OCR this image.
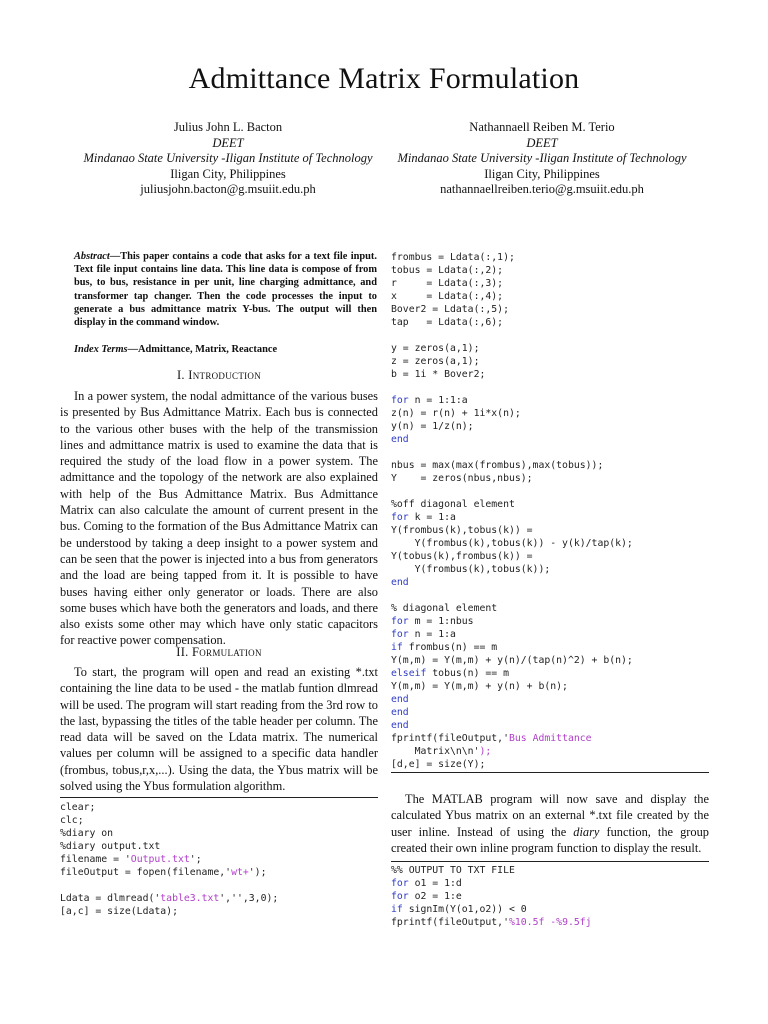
Admittance Matrix Formulation
Julius John L. Bacton
DEET
Mindanao State University -Iligan Institute of Technology
Iligan City, Philippines
juliusjohn.bacton@g.msuiit.edu.ph
Nathannaell Reiben M. Terio
DEET
Mindanao State University -Iligan Institute of Technology
Iligan City, Philippines
nathannaellreiben.terio@g.msuiit.edu.ph
Abstract—This paper contains a code that asks for a text file input. Text file input contains line data. This line data is compose of from bus, to bus, resistance in per unit, line charging admittance, and transformer tap changer. Then the code processes the input to generate a bus admittance matrix Y-bus. The output will then display in the command window.
Index Terms—Admittance, Matrix, Reactance
I. Introduction
In a power system, the nodal admittance of the various buses is presented by Bus Admittance Matrix. Each bus is connected to the various other buses with the help of the transmission lines and admittance matrix is used to examine the data that is required the study of the load flow in a power system. The admittance and the topology of the network are also explained with help of the Bus Admittance Matrix. Bus Admittance Matrix can also calculate the amount of current present in the bus. Coming to the formation of the Bus Admittance Matrix can be understood by taking a deep insight to a power system and can be seen that the power is injected into a bus from generators and the load are being tapped from it. It is possible to have buses having either only generator or loads. There are also some buses which have both the generators and loads, and there also exists some other may which have only static capacitors for reactive power compensation.
II. Formulation
To start, the program will open and read an existing *.txt containing the line data to be used - the matlab funtion dlmread will be used. The program will start reading from the 3rd row to the last, bypassing the titles of the table header per column. The read data will be saved on the Ldata matrix. The numerical values per column will be assigned to a specific data handler (frombus, tobus,r,x,...). Using the data, the Ybus matrix will be solved using the Ybus formulation algorithm.
clear;
clc;
%diary on
%diary output.txt
filename = 'Output.txt';
fileOutput = fopen(filename,'wt+');

Ldata = dlmread('table3.txt','',3,0);
[a,c] = size(Ldata);
frombus = Ldata(:,1);
tobus = Ldata(:,2);
r     = Ldata(:,3);
x     = Ldata(:,4);
Bover2 = Ldata(:,5);
tap   = Ldata(:,6);

y = zeros(a,1);
z = zeros(a,1);
b = 1i * Bover2;

for n = 1:1:a
z(n) = r(n) + 1i*x(n);
y(n) = 1/z(n);
end

nbus = max(max(frombus),max(tobus));
Y    = zeros(nbus,nbus);

%off diagonal element
for k = 1:a
Y(frombus(k),tobus(k)) =
Y(frombus(k),tobus(k)) - y(k)/tap(k);
Y(tobus(k),frombus(k)) =
Y(frombus(k),tobus(k));
end

% diagonal element
for m = 1:nbus
for n = 1:a
if frombus(n) == m
Y(m,m) = Y(m,m) + y(n)/(tap(n)^2) + b(n);
elseif tobus(n) == m
Y(m,m) = Y(m,m) + y(n) + b(n);
end
end
end
fprintf(fileOutput,'Bus Admittance
Matrix\n\n');
[d,e] = size(Y);
The MATLAB program will now save and display the calculated Ybus matrix on an external *.txt file created by the user inline. Instead of using the diary function, the group created their own inline program function to display the result.
%% OUTPUT TO TXT FILE
for o1 = 1:d
for o2 = 1:e
if signIm(Y(o1,o2)) < 0
fprintf(fileOutput,'%10.5f -%9.5fj
